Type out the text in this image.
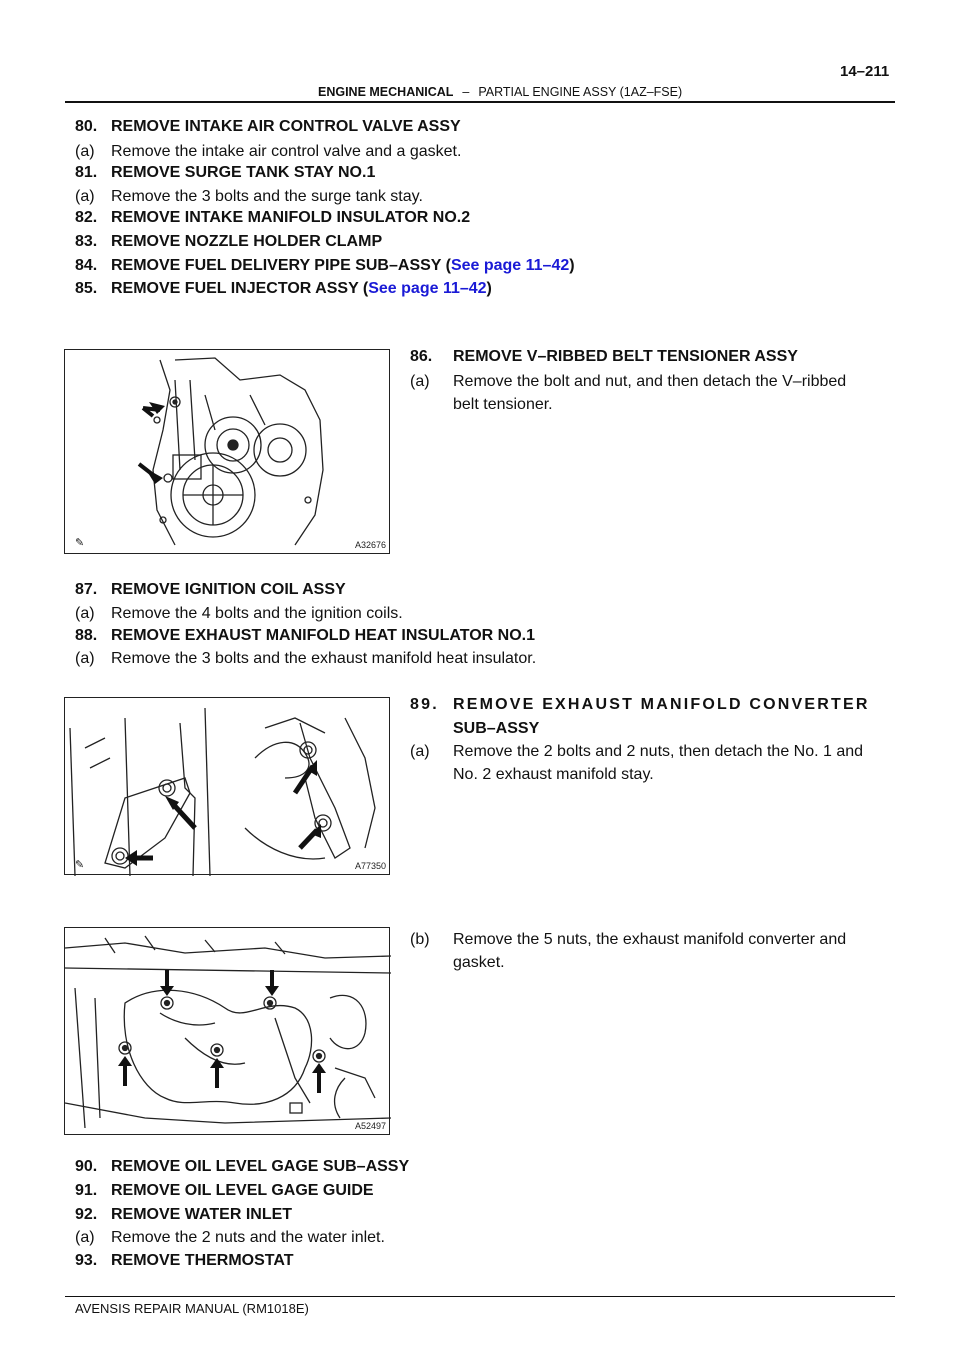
14–211
ENGINE MECHANICAL – PARTIAL ENGINE ASSY (1AZ–FSE)
80. REMOVE INTAKE AIR CONTROL VALVE ASSY
(a) Remove the intake air control valve and a gasket.
81. REMOVE SURGE TANK STAY NO.1
(a) Remove the 3 bolts and the surge tank stay.
82. REMOVE INTAKE MANIFOLD INSULATOR NO.2
83. REMOVE NOZZLE HOLDER CLAMP
84. REMOVE FUEL DELIVERY PIPE SUB–ASSY (See page 11–42)
85. REMOVE FUEL INJECTOR ASSY (See page 11–42)
✎	A32676
86. REMOVE V–RIBBED BELT TENSIONER ASSY
(a) Remove the bolt and nut, and then detach the V–ribbed
belt tensioner.
87. REMOVE IGNITION COIL ASSY
(a) Remove the 4 bolts and the ignition coils.
88. REMOVE EXHAUST MANIFOLD HEAT INSULATOR NO.1
(a) Remove the 3 bolts and the exhaust manifold heat insulator.
✎	A77350
89. REMOVE EXHAUST MANIFOLD CONVERTER
SUB–ASSY
(a) Remove the 2 bolts and 2 nuts, then detach the No. 1 and
No. 2 exhaust manifold stay.
A52497
(b) Remove the 5 nuts, the exhaust manifold converter and
gasket.
90. REMOVE OIL LEVEL GAGE SUB–ASSY
91. REMOVE OIL LEVEL GAGE GUIDE
92. REMOVE WATER INLET
(a) Remove the 2 nuts and the water inlet.
93. REMOVE THERMOSTAT
AVENSIS REPAIR MANUAL (RM1018E)
